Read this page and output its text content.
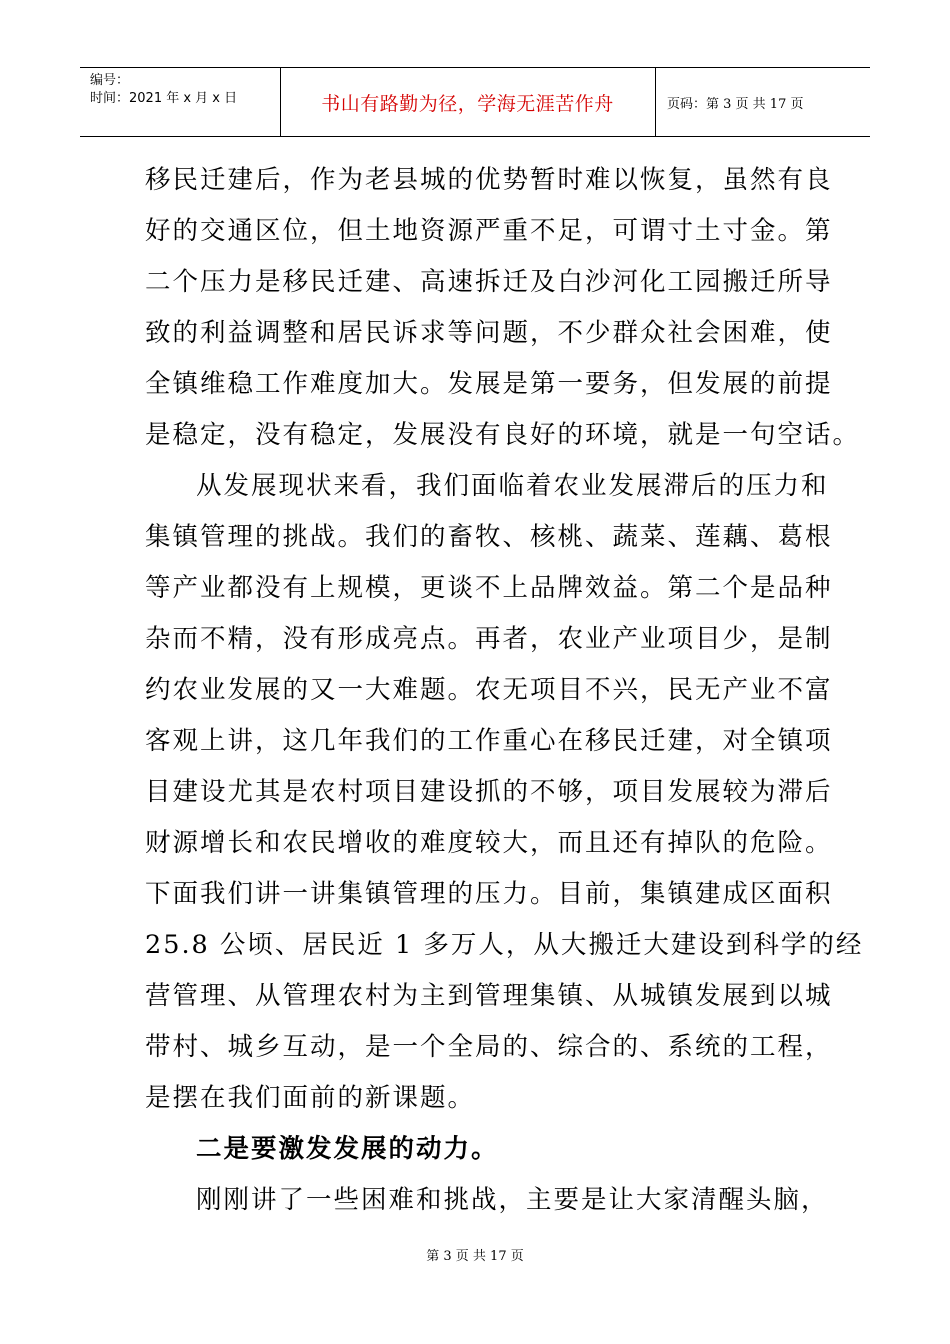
编号：
时间：2021 年 x 月 x 日	书山有路勤为径，学海无涯苦作舟	页码：第 3 页 共 17 页
移民迁建后，作为老县城的优势暂时难以恢复，虽然有良
好的交通区位，但土地资源严重不足，可谓寸土寸金。第
二个压力是移民迁建、高速拆迁及白沙河化工园搬迁所导
致的利益调整和居民诉求等问题，不少群众社会困难，使
全镇维稳工作难度加大。发展是第一要务，但发展的前提
是稳定，没有稳定，发展没有良好的环境，就是一句空话。
从发展现状来看，我们面临着农业发展滞后的压力和
集镇管理的挑战。我们的畜牧、核桃、蔬菜、莲藕、葛根
等产业都没有上规模，更谈不上品牌效益。第二个是品种
杂而不精，没有形成亮点。再者，农业产业项目少，是制
约农业发展的又一大难题。农无项目不兴，民无产业不富
客观上讲，这几年我们的工作重心在移民迁建，对全镇项
目建设尤其是农村项目建设抓的不够，项目发展较为滞后
财源增长和农民增收的难度较大，而且还有掉队的危险。
下面我们讲一讲集镇管理的压力。目前，集镇建成区面积
25.8 公顷、居民近 1 多万人，从大搬迁大建设到科学的经
营管理、从管理农村为主到管理集镇、从城镇发展到以城
带村、城乡互动，是一个全局的、综合的、系统的工程，
是摆在我们面前的新课题。
二是要激发发展的动力。
刚刚讲了一些困难和挑战，主要是让大家清醒头脑，
第 3 页 共 17 页
